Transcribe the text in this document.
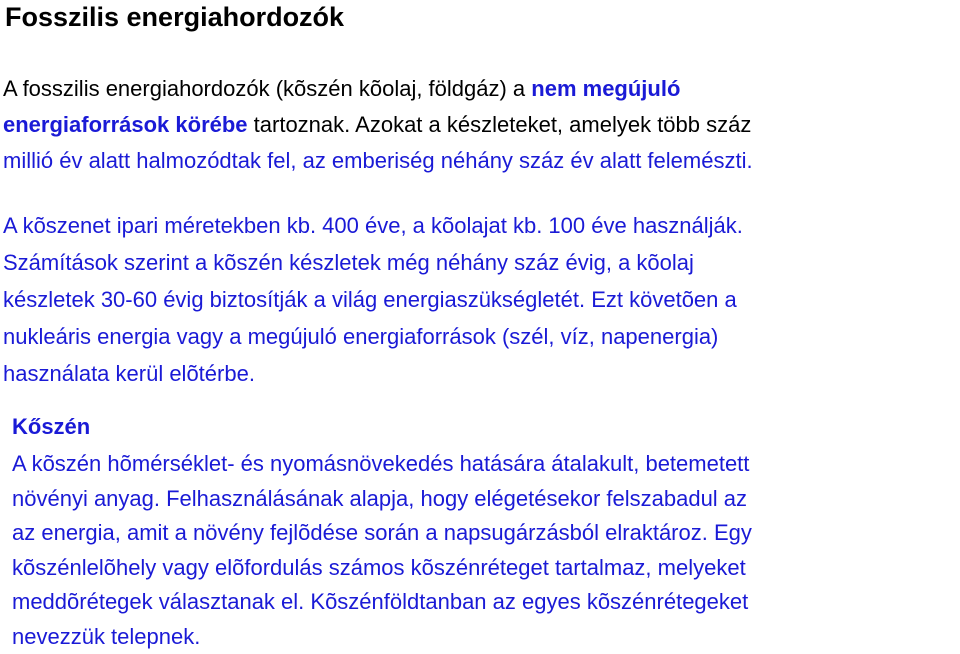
Fosszilis energiahordozók

A fosszilis energiahordozók (kõszén kõolaj, földgáz) a nem megújuló
energiaforrások körébe tartoznak. Azokat a készleteket, amelyek több száz
millió év alatt halmozódtak fel, az emberiség néhány száz év alatt felemészti.

A kõszenet ipari méretekben kb. 400 éve, a kõolajat kb. 100 éve használják.
Számítások szerint a kõszén készletek még néhány száz évig, a kõolaj
készletek 30-60 évig biztosítják a világ energiaszükségletét. Ezt követõen a
nukleáris energia vagy a megújuló energiaforrások (szél, víz, napenergia)
használata kerül elõtérbe.

Kőszén

A kõszén hõmérséklet- és nyomásnövekedés hatására átalakult, betemetett
növényi anyag. Felhasználásának alapja, hogy elégetésekor felszabadul az
az energia, amit a növény fejlõdése során a napsugárzásból elraktároz. Egy
kõszénlelõhely vagy elõfordulás számos kõszénréteget tartalmaz, melyeket
meddõrétegek választanak el. Kõszénföldtanban az egyes kõszénrétegeket
nevezzük telepnek.
